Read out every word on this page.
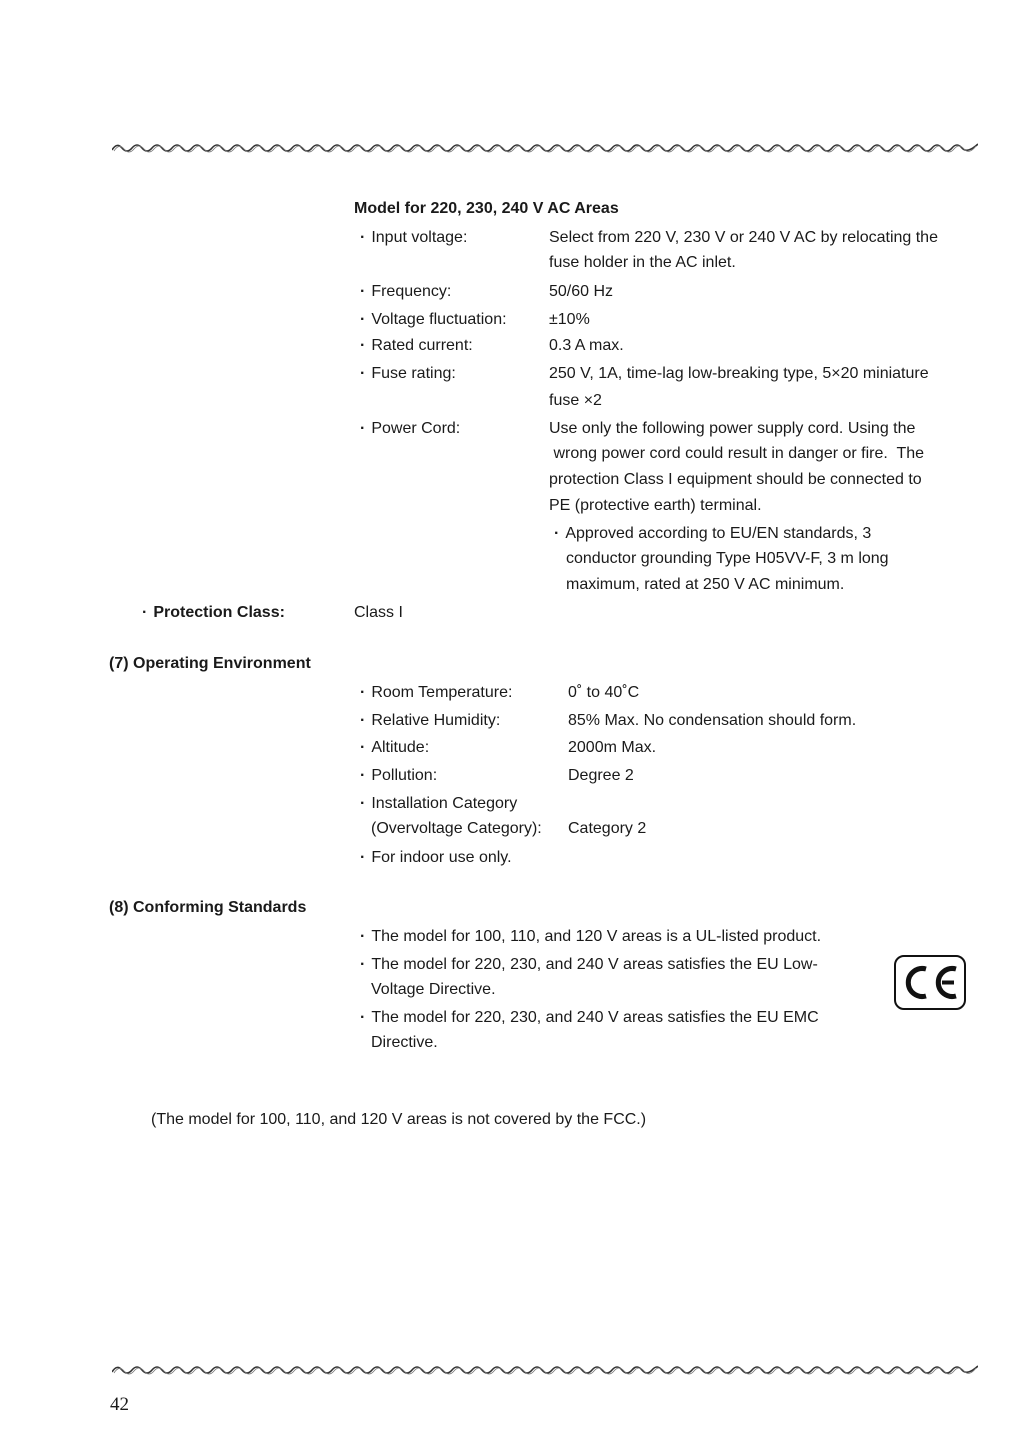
Model for 220, 230, 240 V AC Areas
· Input voltage:	Select from 220 V, 230 V or 240 V AC by relocating the
fuse holder in the AC inlet.
· Frequency:	50/60 Hz
· Voltage fluctuation:	±10%
· Rated current:	0.3 A max.
· Fuse rating:	250 V, 1A, time-lag low-breaking type, 5×20 miniature
fuse ×2
· Power Cord:	Use only the following power supply cord. Using the
wrong power cord could result in danger or fire.  The
protection Class I equipment should be connected to
PE (protective earth) terminal.
· Approved according to EU/EN standards, 3
conductor grounding Type H05VV-F, 3 m long
maximum, rated at 250 V AC minimum.
· Protection Class:	Class I
(7) Operating Environment
· Room Temperature:	0˚ to 40˚C
· Relative Humidity:	85% Max. No condensation should form.
· Altitude:	2000m Max.
· Pollution:	Degree 2
· Installation Category
(Overvoltage Category): Category 2
· For indoor use only.
(8) Conforming Standards
· The model for 100, 110, and 120 V areas is a UL-listed product.
· The model for 220, 230, and 240 V areas satisfies the EU Low-
Voltage Directive.
· The model for 220, 230, and 240 V areas satisfies the EU EMC
Directive.
(The model for 100, 110, and 120 V areas is not covered by the FCC.)
42
